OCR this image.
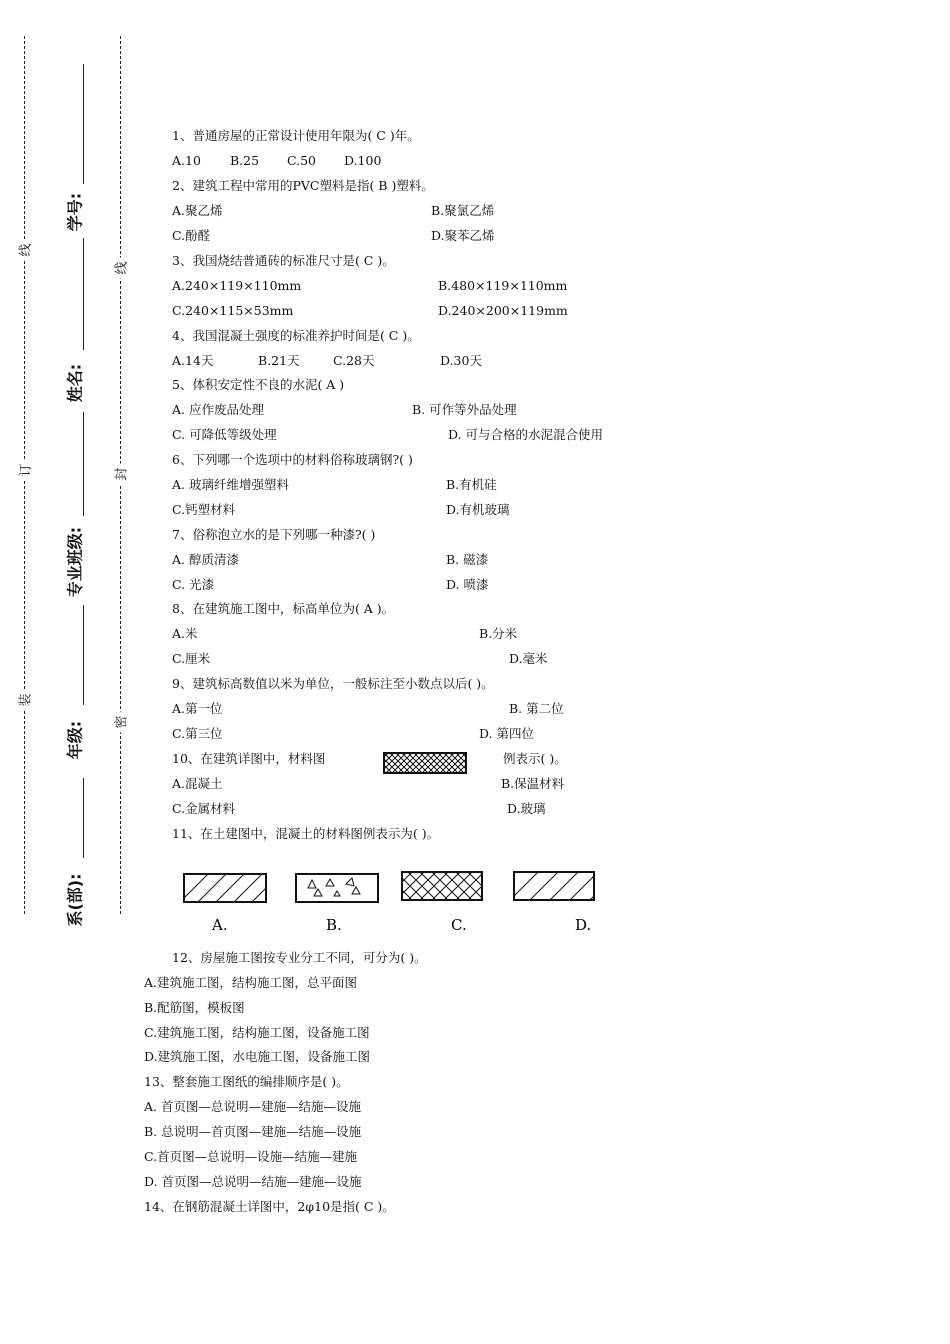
线
订
装
线
封
密
学号:
姓名:
专业班级:
年级:
系(部):
1、普通房屋的正常设计使用年限为( C )年。
A.10 B.25 C.50 D.100
2、建筑工程中常用的PVC塑料是指( B )塑料。
A.聚乙烯	B.聚氯乙烯
C.酚醛	D.聚苯乙烯
3、我国烧结普通砖的标准尺寸是( C )。
A.240×119×110mm	B.480×119×110mm
C.240×115×53mm	D.240×200×119mm
4、我国混凝土强度的标准养护时间是( C )。
A.14天	B.21天	C.28天	D.30天
5、体积安定性不良的水泥( A )
A. 应作废品处理	B. 可作等外品处理
C. 可降低等级处理	D. 可与合格的水泥混合使用
6、下列哪一个选项中的材料俗称玻璃钢?( )
A. 玻璃纤维增强塑料	B.有机硅
C.钙塑材料	D.有机玻璃
7、俗称泡立水的是下列哪一种漆?( )
A. 醇质清漆	B. 磁漆
C. 光漆	D. 喷漆
8、在建筑施工图中，标高单位为( A )。
A.米	B.分米
C.厘米	D.毫米
9、建筑标高数值以米为单位，一般标注至小数点以后( )。
A.第一位	B. 第二位
C.第三位	D. 第四位
10、在建筑详图中，材料图	例表示( )。
A.混凝土	B.保温材料
C.金属材料	D.玻璃
11、在土建图中，混凝土的材料图例表示为( )。
A.	B.	C.	D.
12、房屋施工图按专业分工不同，可分为( )。
A.建筑施工图，结构施工图，总平面图
B.配筋图，模板图
C.建筑施工图，结构施工图，设备施工图
D.建筑施工图，水电施工图，设备施工图
13、整套施工图纸的编排顺序是( )。
A. 首页图—总说明—建施—结施—设施
B. 总说明—首页图—建施—结施—设施
C.首页图—总说明—设施—结施—建施
D. 首页图—总说明—结施—建施—设施
14、在钢筋混凝土详图中，2φ10是指( C )。
